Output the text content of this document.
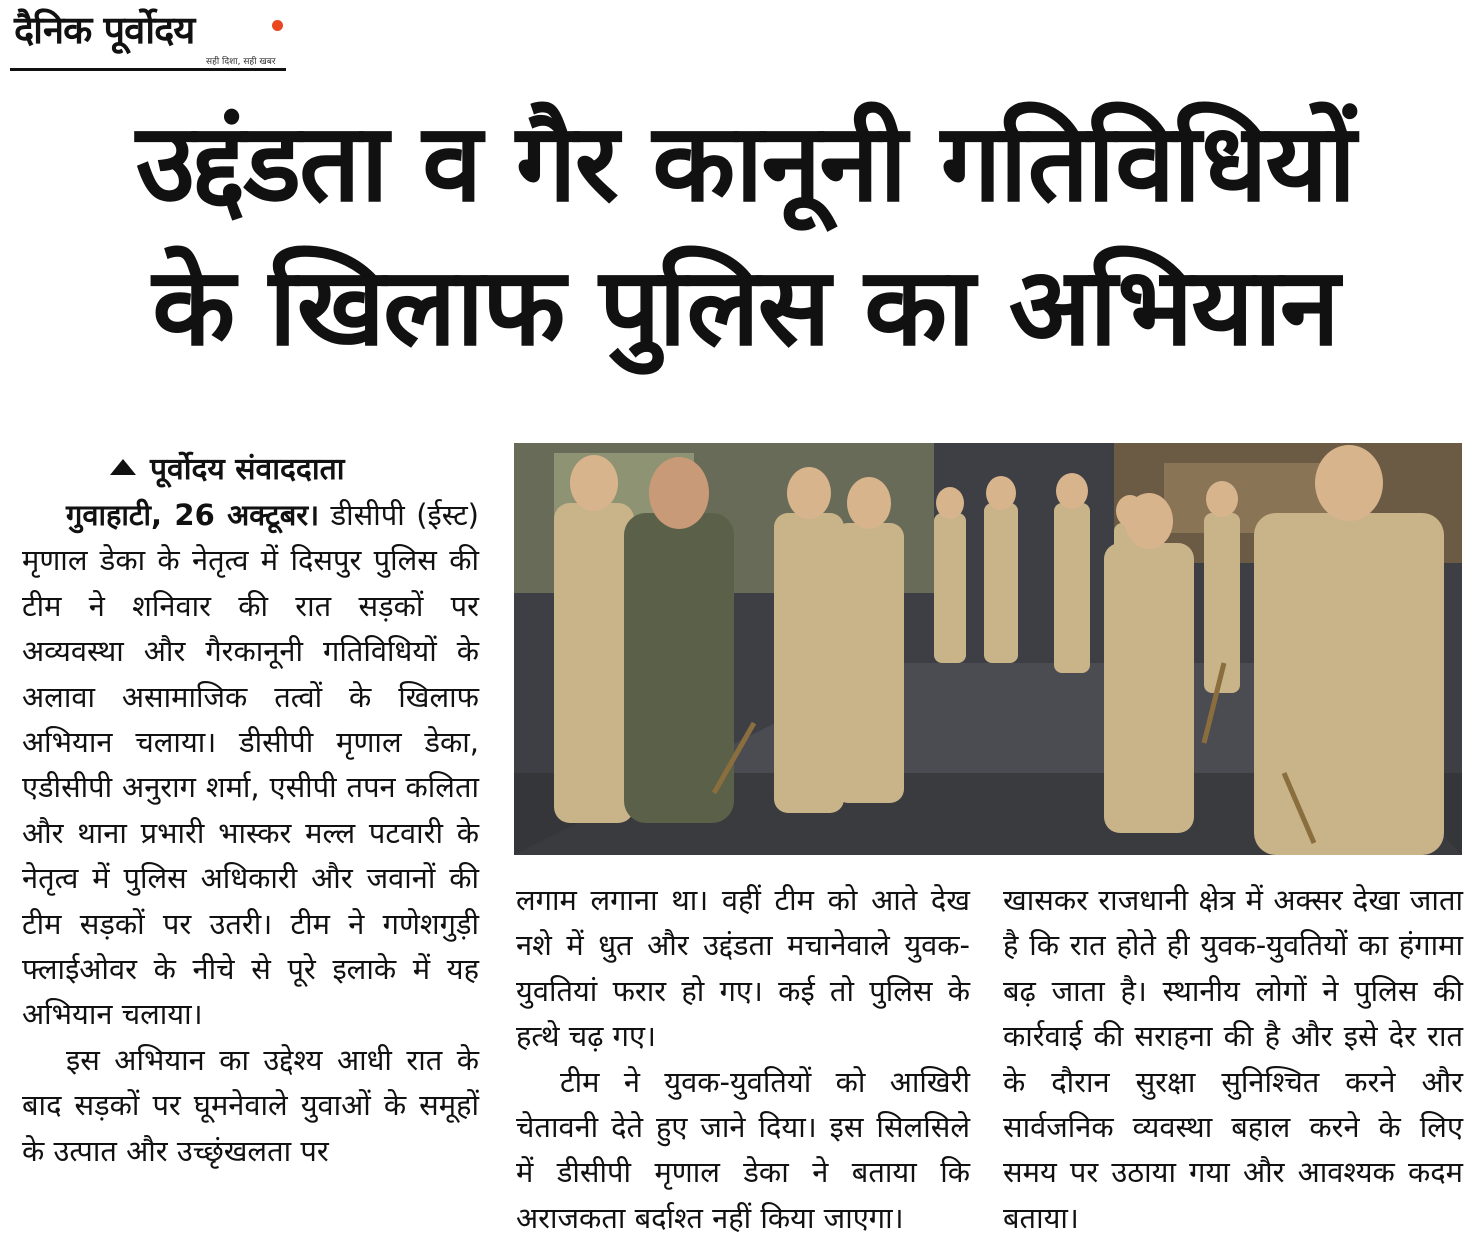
दैनिक पूर्वोदय
सही दिशा, सही खबर
उद्दंडता व गैर कानूनी गतिविधियों
के खिलाफ पुलिस का अभियान
पूर्वोदय संवाददाता

गुवाहाटी, 26 अक्टूबर। डीसीपी (ईस्ट) मृणाल डेका के नेतृत्व में दिसपुर पुलिस की टीम ने शनिवार की रात सड़कों पर अव्यवस्था और गैरकानूनी गतिविधियों के अलावा असामाजिक तत्वों के खिलाफ अभियान चलाया। डीसीपी मृणाल डेका, एडीसीपी अनुराग शर्मा, एसीपी तपन कलिता और थाना प्रभारी भास्कर मल्ल पटवारी के नेतृत्व में पुलिस अधिकारी और जवानों की टीम सड़कों पर उतरी। टीम ने गणेशगुड़ी फ्लाईओवर के नीचे से पूरे इलाके में यह अभियान चलाया।

इस अभियान का उद्देश्य आधी रात के बाद सड़कों पर घूमनेवाले युवाओं के समूहों के उत्पात और उच्छृंखलता पर

लगाम लगाना था। वहीं टीम को आते देख नशे में धुत और उद्दंडता मचानेवाले युवक-युवतियां फरार हो गए। कई तो पुलिस के हत्थे चढ़ गए।

टीम ने युवक-युवतियों को आखिरी चेतावनी देते हुए जाने दिया। इस सिलसिले में डीसीपी मृणाल डेका ने बताया कि अराजकता बर्दाश्त नहीं किया जाएगा।

खासकर राजधानी क्षेत्र में अक्सर देखा जाता है कि रात होते ही युवक-युवतियों का हंगामा बढ़ जाता है। स्थानीय लोगों ने पुलिस की कार्रवाई की सराहना की है और इसे देर रात के दौरान सुरक्षा सुनिश्चित करने और सार्वजनिक व्यवस्था बहाल करने के लिए समय पर उठाया गया और आवश्यक कदम बताया।
